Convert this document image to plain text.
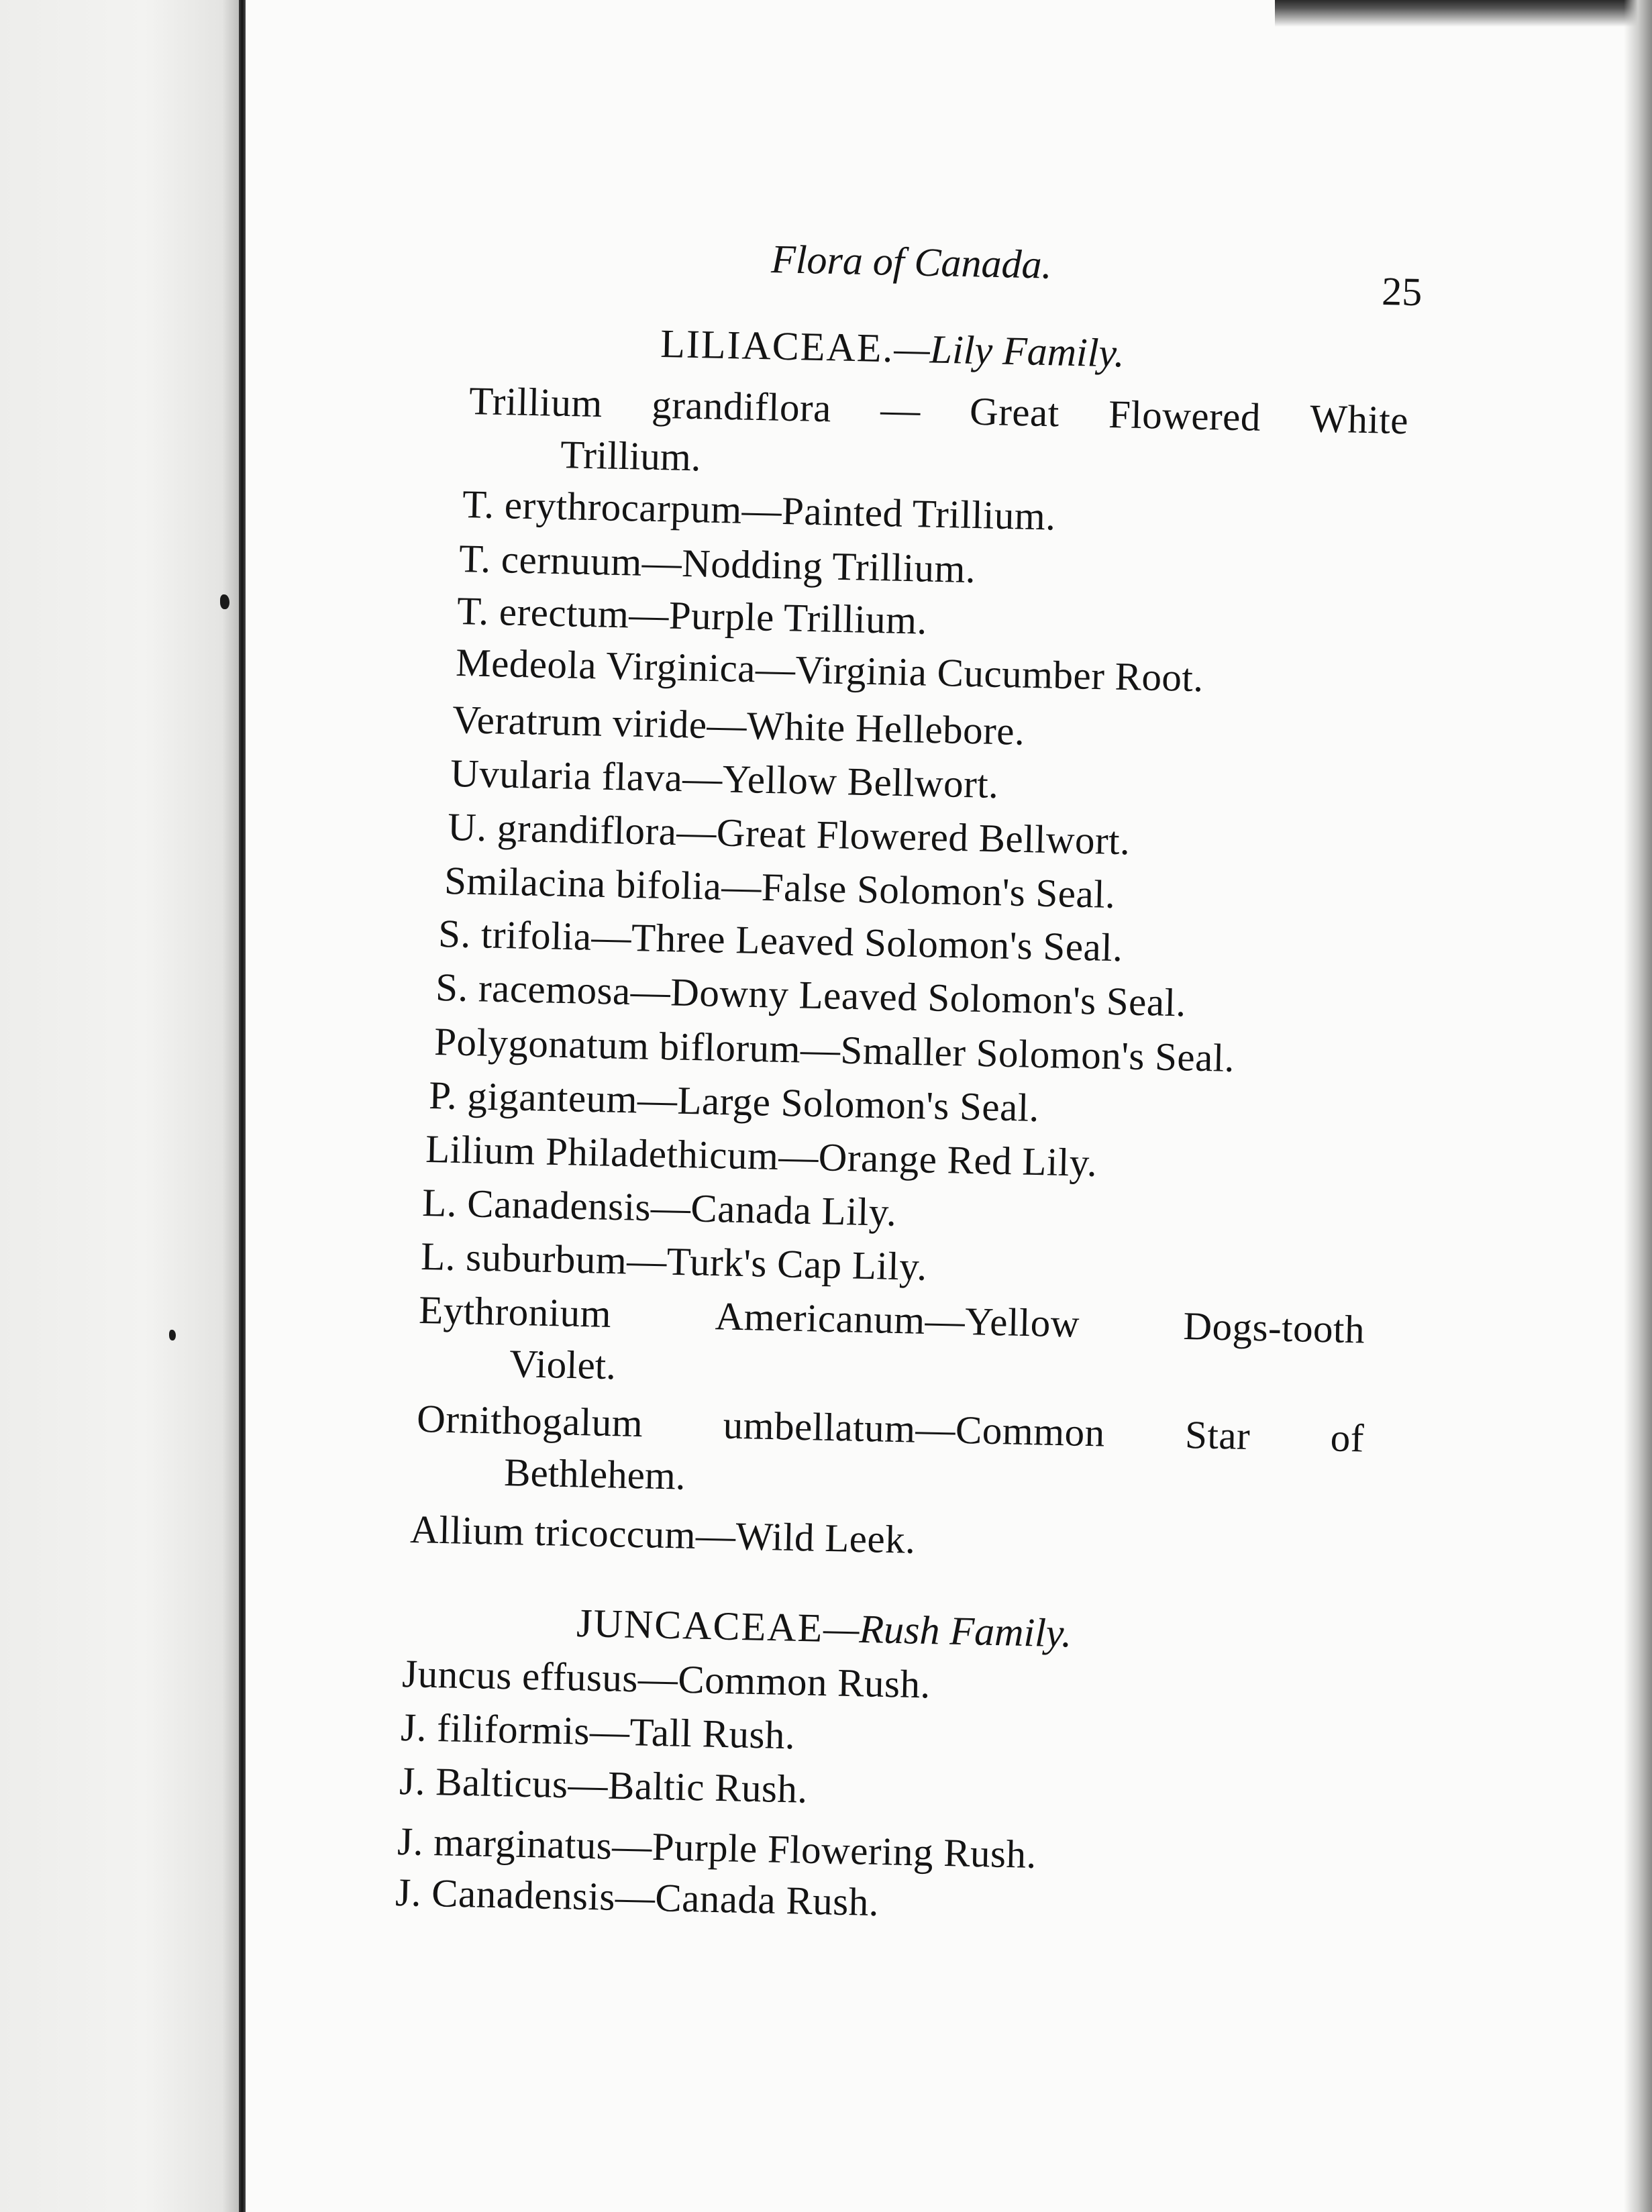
Flora of Canada.
25
LILIACEAE.—Lily Family.
Trillium grandiflora — Great Flowered White
Trillium.
T. erythrocarpum—Painted Trillium.
T. cernuum—Nodding Trillium.
T. erectum—Purple Trillium.
Medeola Virginica—Virginia Cucumber Root.
Veratrum viride—White Hellebore.
Uvularia flava—Yellow Bellwort.
U. grandiflora—Great Flowered Bellwort.
Smilacina bifolia—False Solomon's Seal.
S. trifolia—Three Leaved Solomon's Seal.
S. racemosa—Downy Leaved Solomon's Seal.
Polygonatum biflorum—Smaller Solomon's Seal.
P. giganteum—Large Solomon's Seal.
Lilium Philadethicum—Orange Red Lily.
L. Canadensis—Canada Lily.
L. suburbum—Turk's Cap Lily.
Eythronium	Americanum—Yellow	Dogs-tooth
Violet.
Ornithogalum umbellatum—Common Star of
Bethlehem.
Allium tricoccum—Wild Leek.
JUNCACEAE—Rush Family.
Juncus effusus—Common Rush.
J. filiformis—Tall Rush.
J. Balticus—Baltic Rush.
J. marginatus—Purple Flowering Rush.
J. Canadensis—Canada Rush.
